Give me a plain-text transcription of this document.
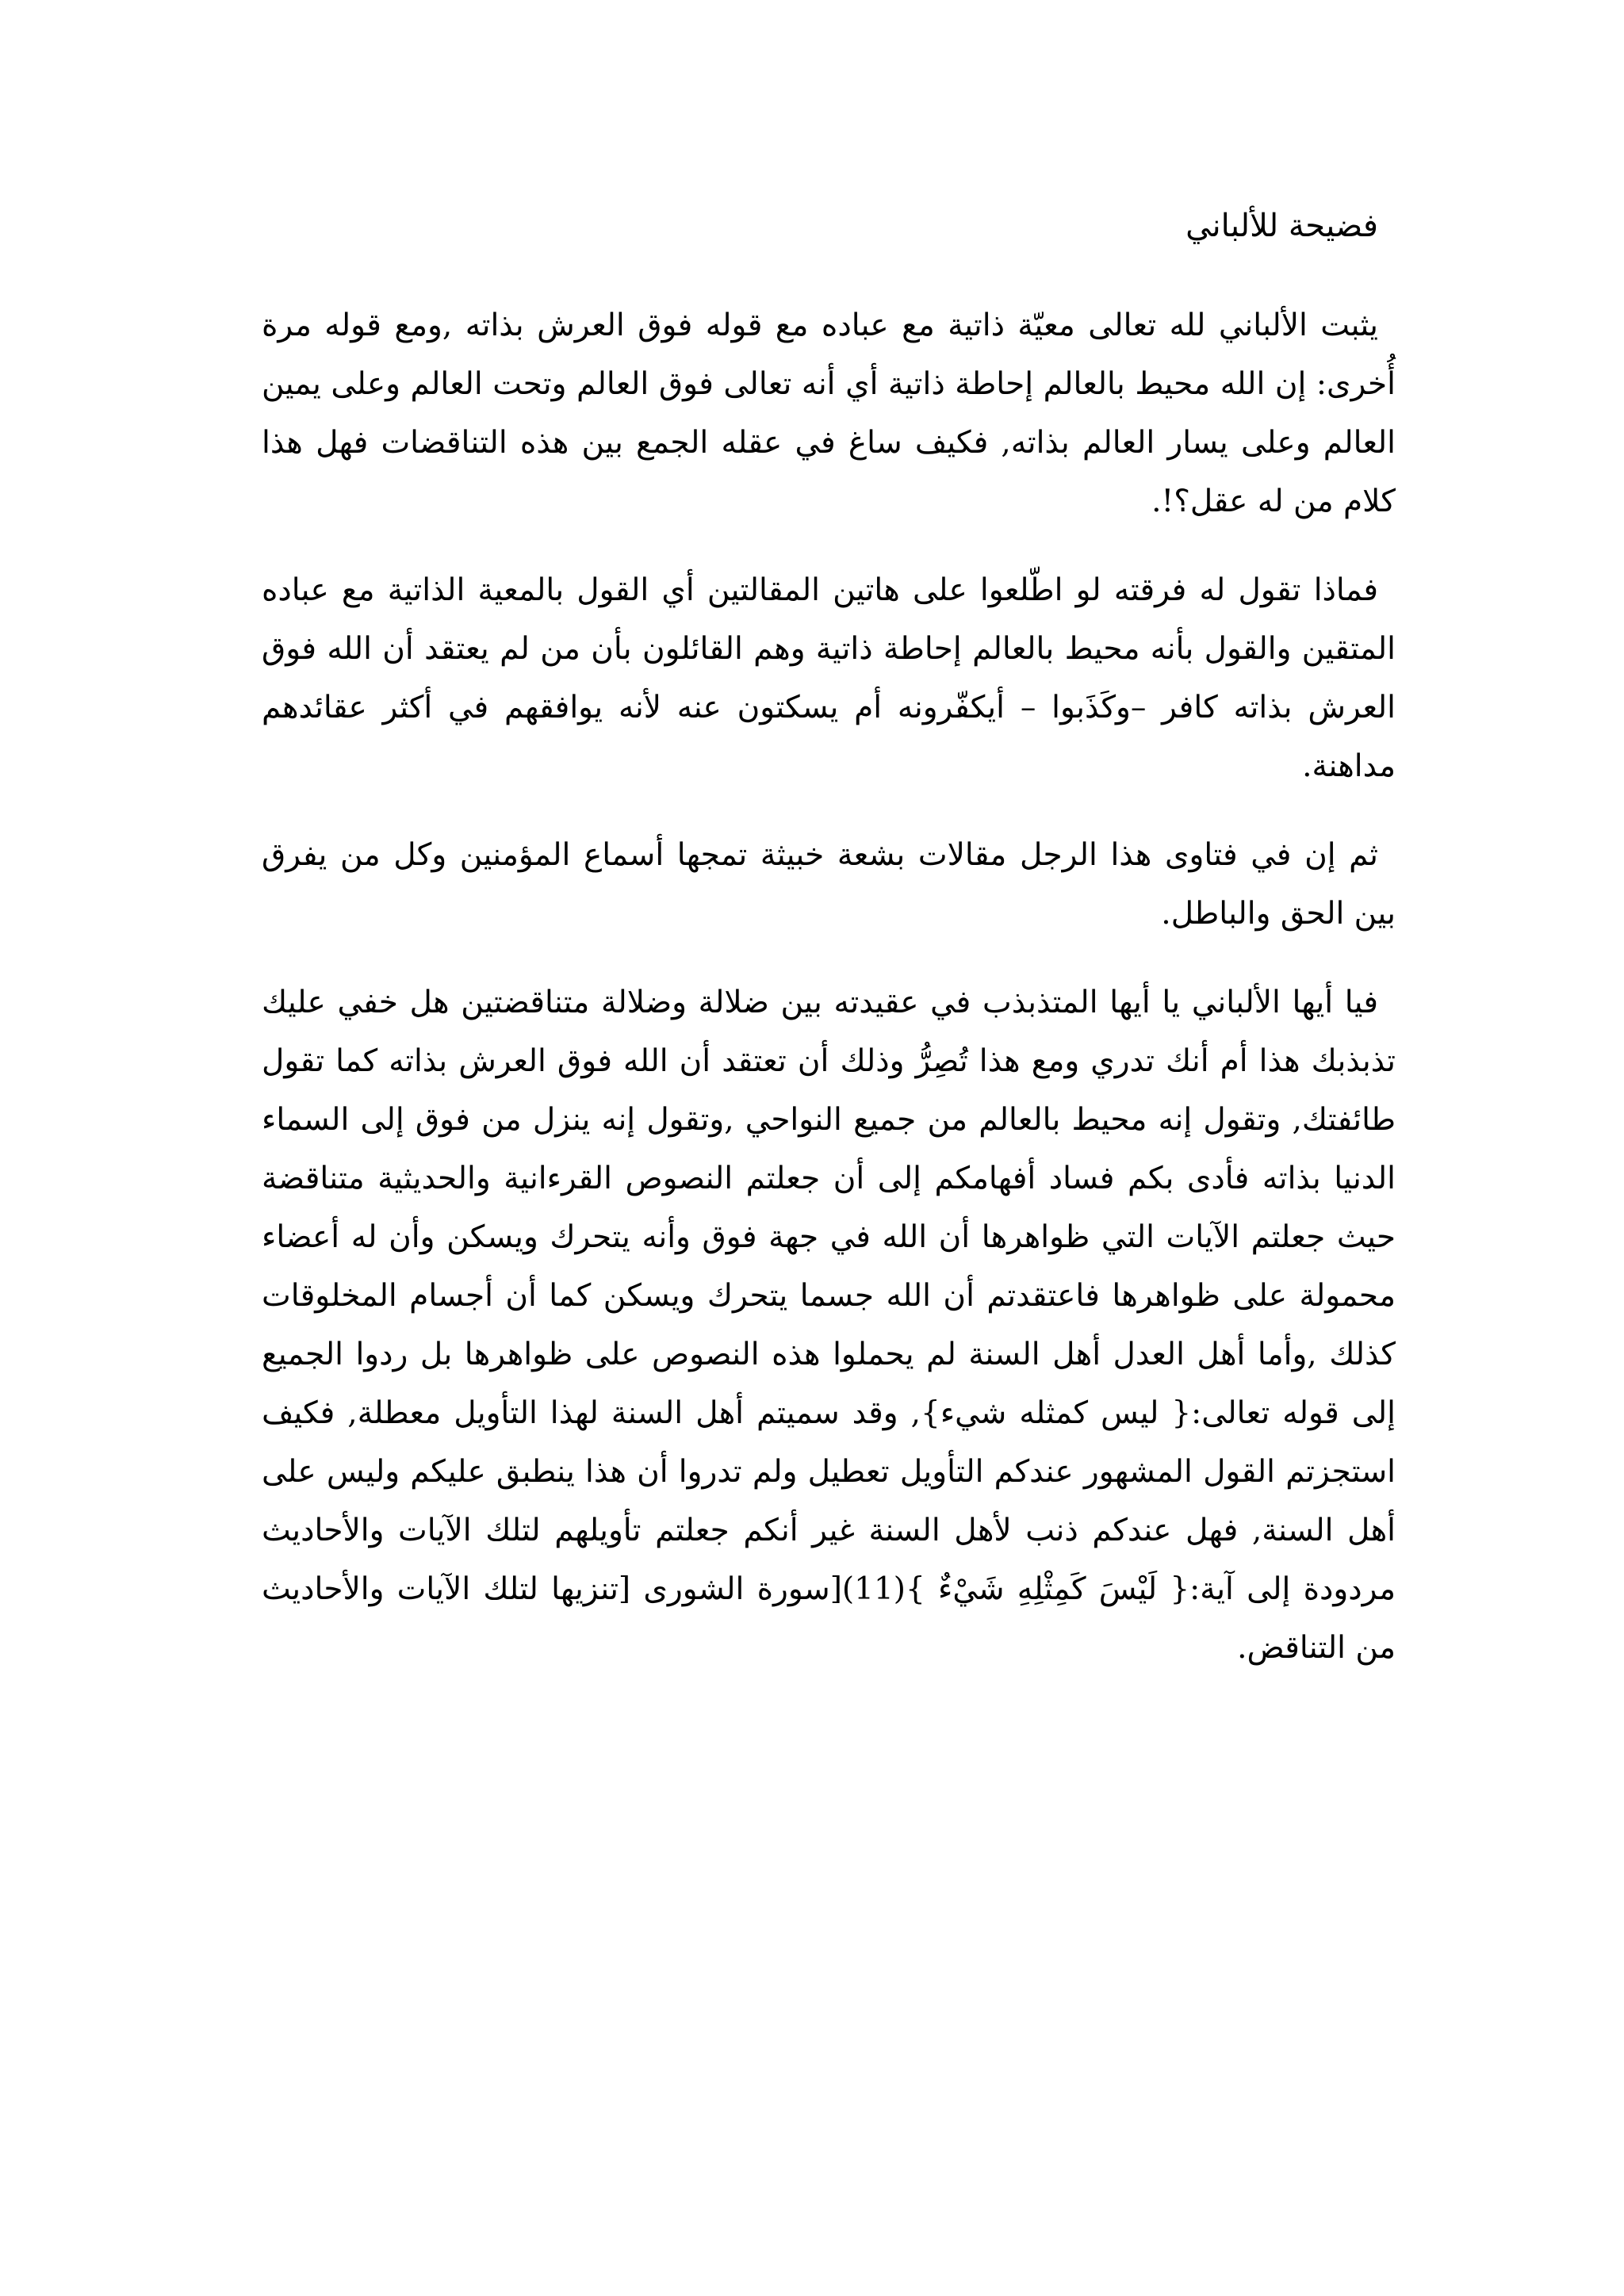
فضيحة للألباني

يثبت الألباني لله تعالى معيّة ذاتية مع عباده مع قوله فوق العرش بذاته ,ومع قوله مرة أُخرى: إن الله محيط بالعالم إحاطة ذاتية أي أنه تعالى فوق العالم وتحت العالم وعلى يمين العالم وعلى يسار العالم بذاته, فكيف ساغ في عقله الجمع بين هذه التناقضات فهل هذا كلام من له عقل؟!.

فماذا تقول له فرقته لو اطّلعوا على هاتين المقالتين أي القول بالمعية الذاتية مع عباده المتقين والقول بأنه محيط بالعالم إحاطة ذاتية وهم القائلون بأن من لم يعتقد أن الله فوق العرش بذاته كافر –وكَذَبوا – أيكفّرونه أم يسكتون عنه لأنه يوافقهم في أكثر عقائدهم مداهنة.

ثم إن في فتاوى هذا الرجل مقالات بشعة خبيثة تمجها أسماع المؤمنين وكل من يفرق بين الحق والباطل.

فيا أيها الألباني يا أيها المتذبذب في عقيدته بين ضلالة وضلالة متناقضتين هل خفي عليك تذبذبك هذا أم أنك تدري ومع هذا تُصِرُّ وذلك أن تعتقد أن الله فوق العرش بذاته كما تقول طائفتك, وتقول إنه محيط بالعالم من جميع النواحي ,وتقول إنه ينزل من فوق إلى السماء الدنيا بذاته فأدى بكم فساد أفهامكم إلى أن جعلتم النصوص القرءانية والحديثية متناقضة حيث جعلتم الآيات التي ظواهرها أن الله في جهة فوق وأنه يتحرك ويسكن وأن له أعضاء محمولة على ظواهرها فاعتقدتم أن الله جسما يتحرك ويسكن كما أن أجسام المخلوقات كذلك ,وأما أهل العدل أهل السنة لم يحملوا هذه النصوص على ظواهرها بل ردوا الجميع إلى قوله تعالى:{ ليس كمثله شيء}, وقد سميتم أهل السنة لهذا التأويل معطلة, فكيف استجزتم القول المشهور عندكم التأويل تعطيل ولم تدروا أن هذا ينطبق عليكم وليس على أهل السنة, فهل عندكم ذنب لأهل السنة غير أنكم جعلتم تأويلهم لتلك الآيات والأحاديث مردودة إلى آية:{ لَيْسَ كَمِثْلِهِ شَيْءٌ }(11)[سورة الشورى [تنزيها لتلك الآيات والأحاديث من التناقض.
